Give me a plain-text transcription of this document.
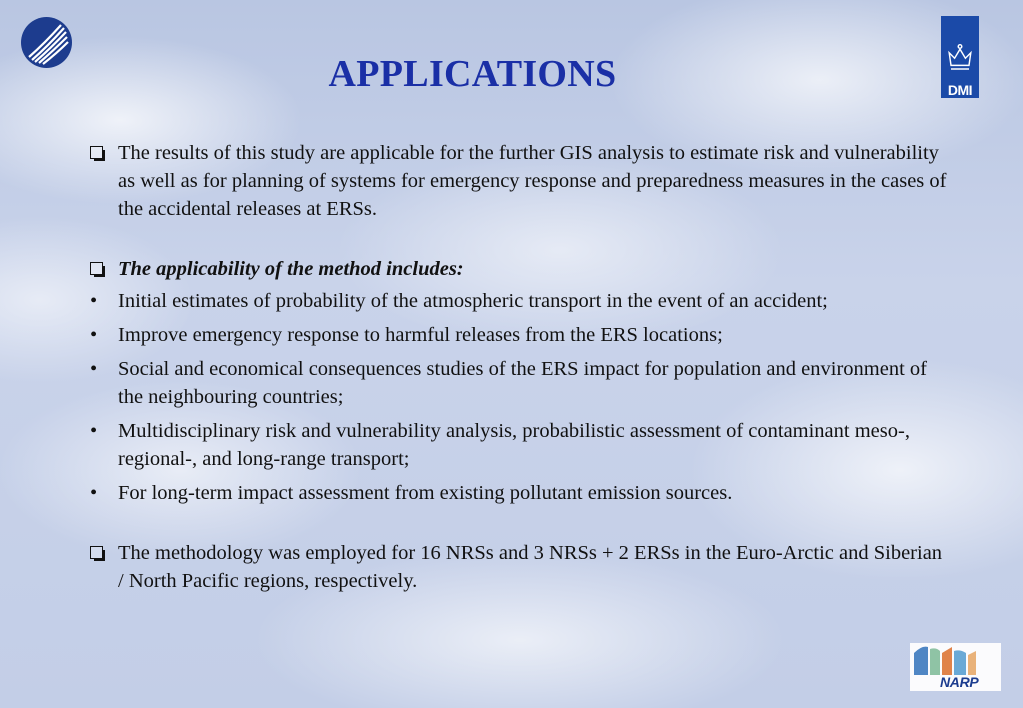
DMI
APPLICATIONS
The results of this study are applicable for the further GIS analysis to estimate risk and vulnerability as well as for planning of systems for emergency response and preparedness measures in the cases of the accidental releases at ERSs.
The applicability of the method includes:
• Initial estimates of probability of the atmospheric transport in the event of an accident;
• Improve emergency response to harmful releases from the ERS locations;
• Social and economical consequences studies of the ERS impact for population and environment of the neighbouring countries;
• Multidisciplinary risk and vulnerability analysis, probabilistic assessment of contaminant meso-, regional-, and long-range transport;
• For long-term impact assessment from existing pollutant emission sources.
The methodology was employed for 16 NRSs and 3 NRSs + 2 ERSs in the Euro-Arctic and Siberian / North Pacific regions, respectively.
NARP
